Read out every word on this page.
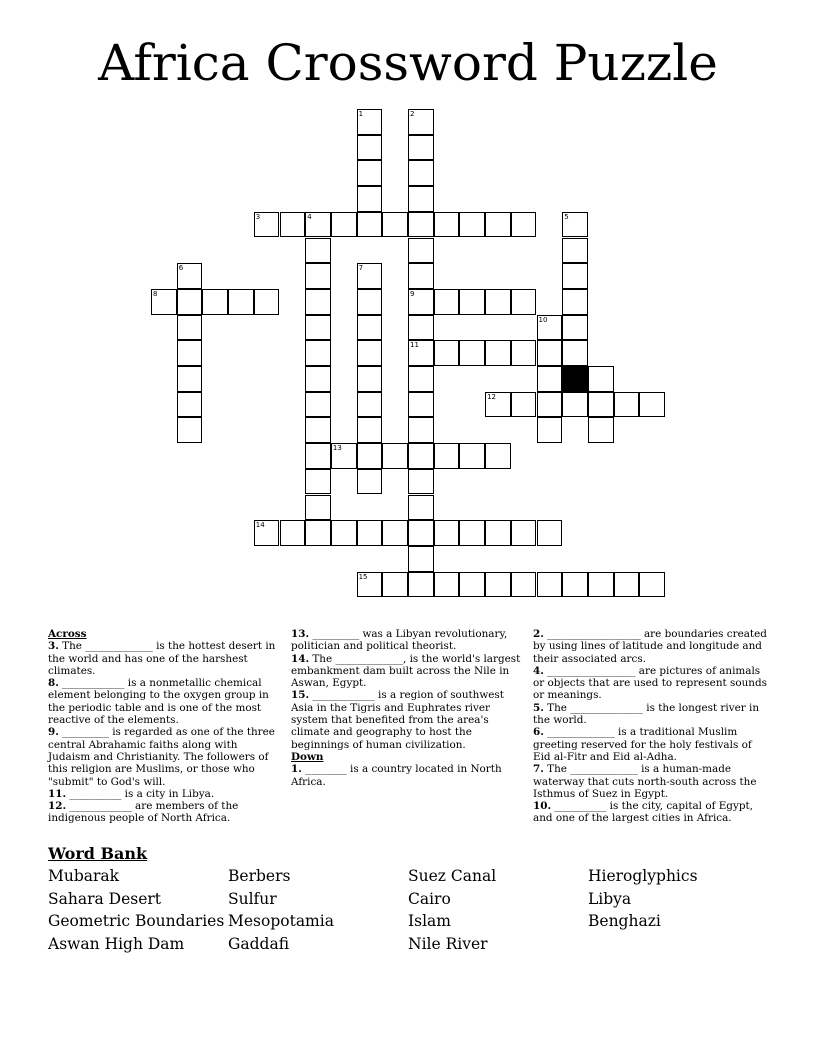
Africa Crossword Puzzle
1	2
3	4	5
6	7
8	9
10
11
12
13
14
15

Across

3. The _____________ is the hottest desert in the world and has one of the harshest climates.

8. ____________ is a nonmetallic chemical element belonging to the oxygen group in the periodic table and is one of the most reactive of the elements.

9. _________ is regarded as one of the three central Abrahamic faiths along with Judaism and Christianity. The followers of this religion are Muslims, or those who "submit" to God's will.

11. __________ is a city in Libya.

12. ____________ are members of the indigenous people of North Africa.

13. _________ was a Libyan revolutionary, politician and political theorist.

14. The _____________, is the world's largest embankment dam built across the Nile in Aswan, Egypt.

15. ____________ is a region of southwest Asia in the Tigris and Euphrates river system that benefited from the area's climate and geography to host the beginnings of human civilization.

Down

1. ________ is a country located in North Africa.

2. __________________ are boundaries created by using lines of latitude and longitude and their associated arcs.

4. _________________ are pictures of animals or objects that are used to represent sounds or meanings.

5. The ______________ is the longest river in the world.

6. _____________ is a traditional Muslim greeting reserved for the holy festivals of Eid al-Fitr and Eid al-Adha.

7. The _____________ is a human-made waterway that cuts north-south across the Isthmus of Suez in Egypt.

10. __________ is the city, capital of Egypt, and one of the largest cities in Africa.

Word Bank
Mubarak
Sahara Desert
Geometric Boundaries
Aswan High Dam
Berbers
Sulfur
Mesopotamia
Gaddafi
Suez Canal
Cairo
Islam
Nile River
Hieroglyphics
Libya
Benghazi
